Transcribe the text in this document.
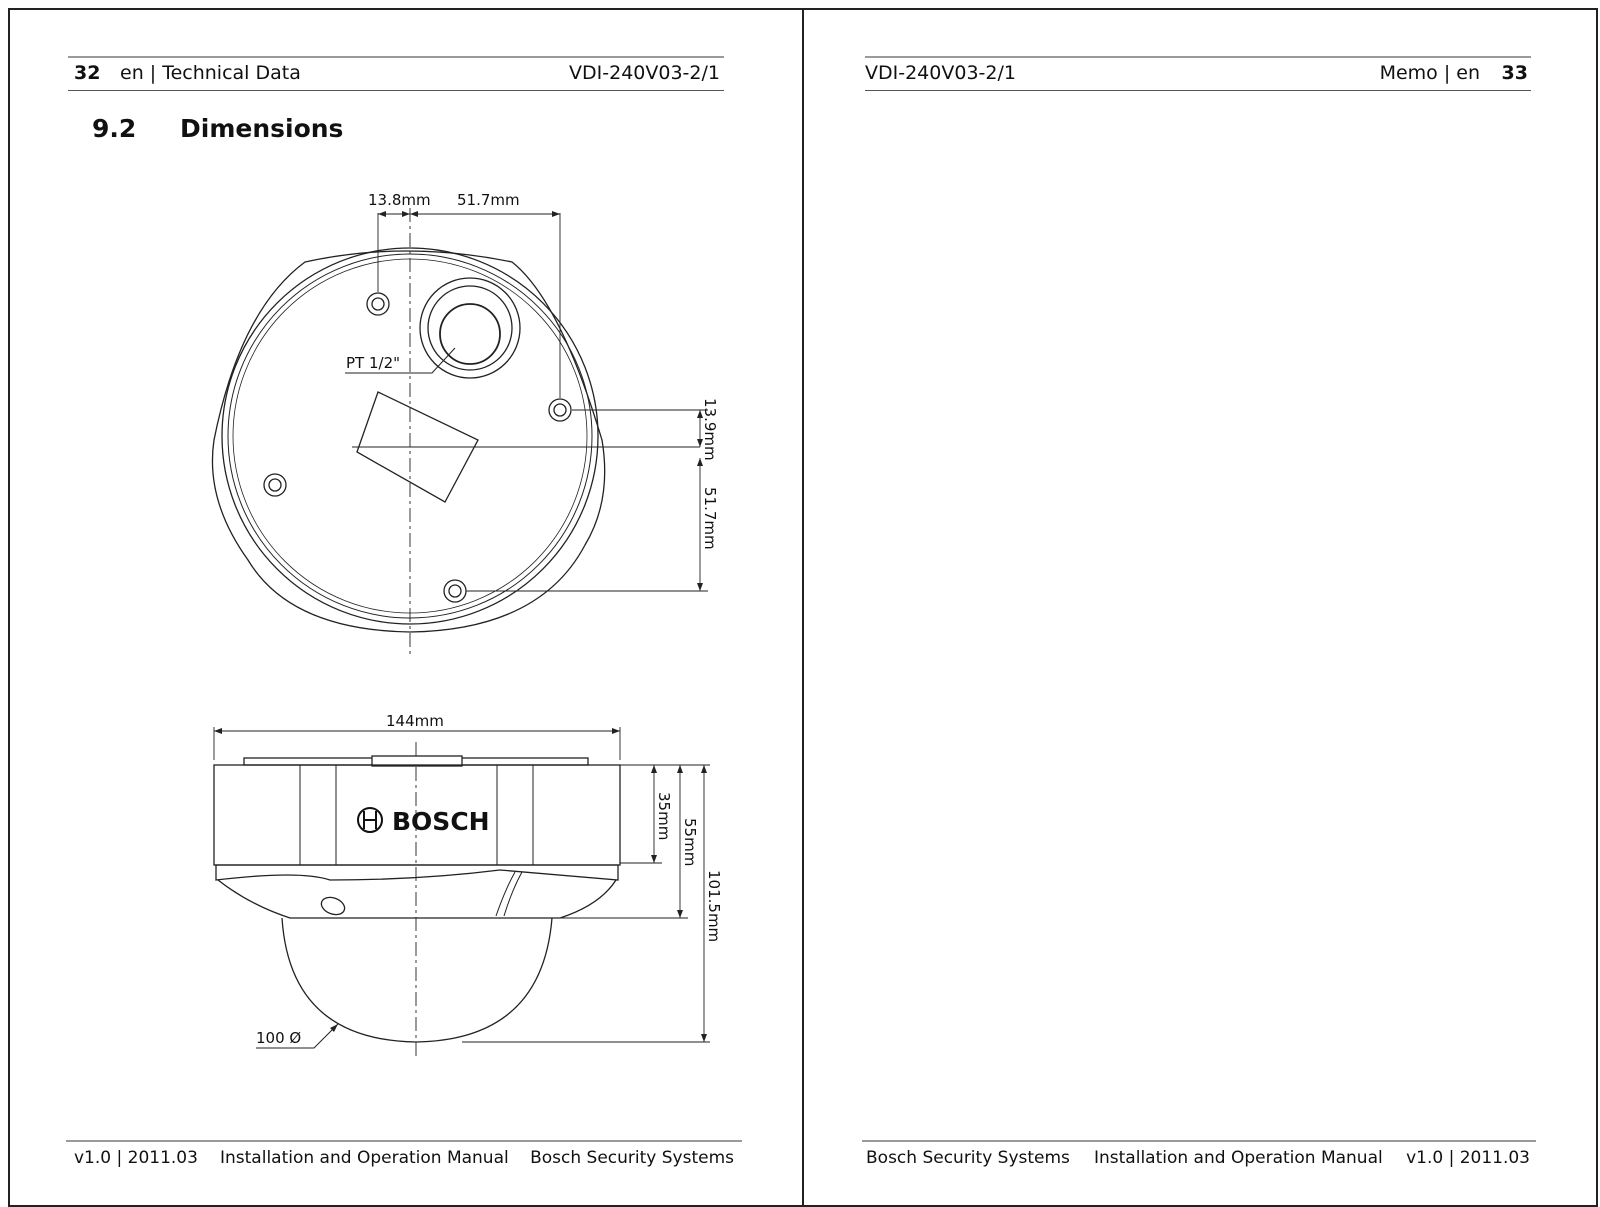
32 en | Technical Data	VDI-240V03-2/1
9.2 Dimensions
13.8mm 51.7mm
PT 1/2"
13.9mm
51.7mm
BOSCH
144mm
35mm
55mm
101.5mm
100 Ø
v1.0 | 2011.03 Installation and Operation Manual Bosch Security Systems
VDI-240V03-2/1	Memo | en 33
Bosch Security Systems Installation and Operation Manual v1.0 | 2011.03
